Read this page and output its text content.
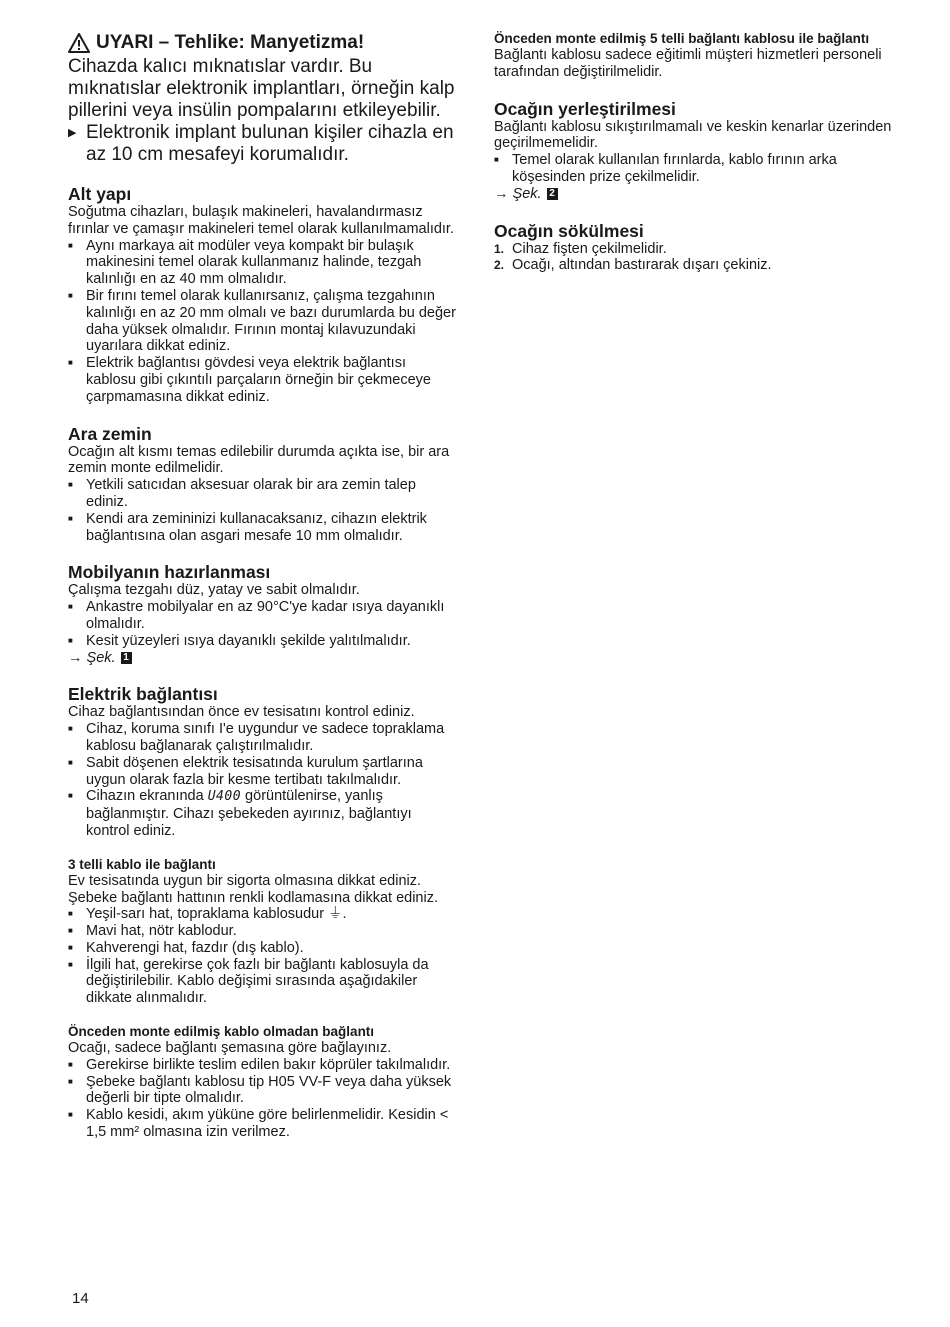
UYARI – Tehlike: Manyetizma!

Cihazda kalıcı mıknatıslar vardır. Bu mıknatıslar elektronik implantları, örneğin kalp pillerini veya insülin pompalarını etkileyebilir.

▶ Elektronik implant bulunan kişiler cihazla en az 10 cm mesafeyi korumalıdır.
Alt yapı

Soğutma cihazları, bulaşık makineleri, havalandırmasız fırınlar ve çamaşır makineleri temel olarak kullanılmamalıdır.

■ Aynı markaya ait modüler veya kompakt bir bulaşık makinesini temel olarak kullanmanız halinde, tezgah kalınlığı en az 40 mm olmalıdır.
■ Bir fırını temel olarak kullanırsanız, çalışma tezgahının kalınlığı en az 20 mm olmalı ve bazı durumlarda bu değer daha yüksek olmalıdır. Fırının montaj kılavuzundaki uyarılara dikkat ediniz.
■ Elektrik bağlantısı gövdesi veya elektrik bağlantısı kablosu gibi çıkıntılı parçaların örneğin bir çekmeceye çarpmamasına dikkat ediniz.
Ara zemin

Ocağın alt kısmı temas edilebilir durumda açıkta ise, bir ara zemin monte edilmelidir.

■ Yetkili satıcıdan aksesuar olarak bir ara zemin talep ediniz.
■ Kendi ara zemininizi kullanacaksanız, cihazın elektrik bağlantısına olan asgari mesafe 10 mm olmalıdır.
Mobilyanın hazırlanması

Çalışma tezgahı düz, yatay ve sabit olmalıdır.

■ Ankastre mobilyalar en az 90°C'ye kadar ısıya dayanıklı olmalıdır.
■ Kesit yüzeyleri ısıya dayanıklı şekilde yalıtılmalıdır.
→ Şek. 1
Elektrik bağlantısı

Cihaz bağlantısından önce ev tesisatını kontrol ediniz.

■ Cihaz, koruma sınıfı I'e uygundur ve sadece topraklama kablosu bağlanarak çalıştırılmalıdır.
■ Sabit döşenen elektrik tesisatında kurulum şartlarına uygun olarak fazla bir kesme tertibatı takılmalıdır.
■ Cihazın ekranında U400 görüntülenirse, yanlış bağlanmıştır. Cihazı şebekeden ayırınız, bağlantıyı kontrol ediniz.
3 telli kablo ile bağlantı

Ev tesisatında uygun bir sigorta olmasına dikkat ediniz.

Şebeke bağlantı hattının renkli kodlamasına dikkat ediniz.

■ Yeşil-sarı hat, topraklama kablosudur ⏚.
■ Mavi hat, nötr kablodur.
■ Kahverengi hat, fazdır (dış kablo).
■ İlgili hat, gerekirse çok fazlı bir bağlantı kablosuyla da değiştirilebilir. Kablo değişimi sırasında aşağıdakiler dikkate alınmalıdır.
Önceden monte edilmiş kablo olmadan bağlantı

Ocağı, sadece bağlantı şemasına göre bağlayınız.

■ Gerekirse birlikte teslim edilen bakır köprüler takılmalıdır.
■ Şebeke bağlantı kablosu tip H05 VV-F veya daha yüksek değerli bir tipte olmalıdır.
■ Kablo kesidi, akım yüküne göre belirlenmelidir. Kesidin < 1,5 mm² olmasına izin verilmez.
Önceden monte edilmiş 5 telli bağlantı kablosu ile bağlantı

Bağlantı kablosu sadece eğitimli müşteri hizmetleri personeli tarafından değiştirilmelidir.

Ocağın yerleştirilmesi

Bağlantı kablosu sıkıştırılmamalı ve keskin kenarlar üzerinden geçirilmemelidir.

■ Temel olarak kullanılan fırınlarda, kablo fırının arka köşesinden prize çekilmelidir.
→ Şek. 2
Ocağın sökülmesi
1. Cihaz fişten çekilmelidir.
2. Ocağı, altından bastırarak dışarı çekiniz.
14
